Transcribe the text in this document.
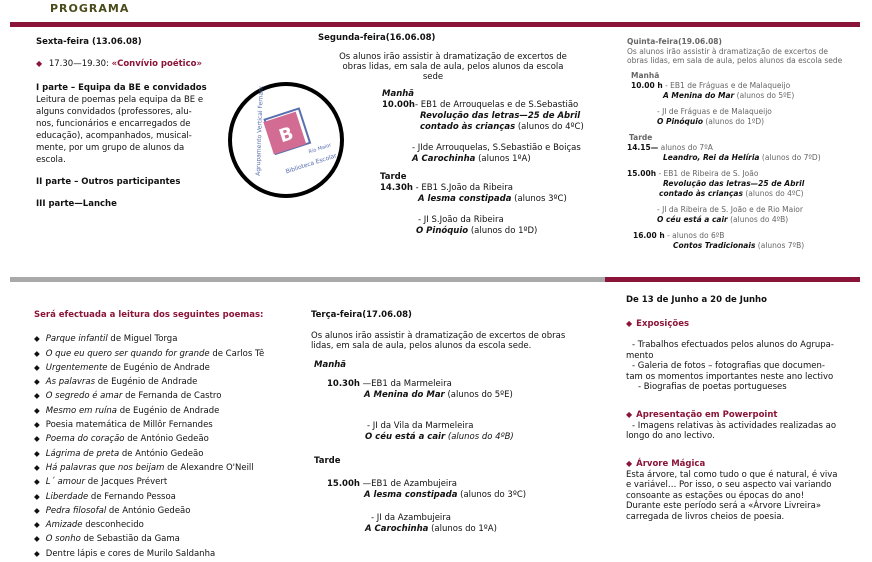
PROGRAMA
Sexta-feira (13.06.08)
◆ 17.30—19.30: «Convívio poético»
I parte – Equipa da BE e convidados
Leitura de poemas pela equipa da BE e
alguns convidados (professores, alu-
nos, funcionários e encarregados de
educação), acompanhados, musical-
mente, por um grupo de alunos da
escola.
II parte – Outros participantes
III parte—Lanche
B
Agrupamento Vertical Fernando C. Tavares	Rio Maior
Biblioteca Escolar
Segunda-feira(16.06.08)
Os alunos irão assistir à dramatização de excertos de
obras lidas, em sala de aula, pelos alunos da escola
sede
Manhã
10.00h- EB1 de Arrouquelas e de S.Sebastião
Revolução das letras—25 de Abril
contado às crianças (alunos do 4ºC)
- JIde Arrouquelas, S.Sebastião e Boiças
A Carochinha (alunos 1ºA)
Tarde
14.30h - EB1 S.João da Ribeira
A lesma constipada (alunos 3ºC)
- JI S.João da Ribeira
O Pinóquio (alunos do 1ºD)
Quinta-feira(19.06.08)
Os alunos irão assistir à dramatização de excertos de
obras lidas, em sala de aula, pelos alunos da escola sede
Manhã
10.00 h - EB1 de Fráguas e de Malaqueijo
A Menina do Mar (alunos do 5ºE)
- JI de Fráguas e de Malaqueijo
O Pinóquio (alunos do 1ºD)
Tarde
14.15— alunos do 7ºA
Leandro, Rei da Helíria (alunos do 7ºD)
15.00h - EB1 de Ribeira de S. João
Revolução das letras—25 de Abril
contado às crianças (alunos do 4ºC)
- JI da Ribeira de S. João e de Rio Maior
O céu está a cair (alunos do 4ºB)
16.00 h - alunos do 6ºB
Contos Tradicionais (alunos 7ºB)
Será efectuada a leitura dos seguintes poemas:
◆ Parque infantil de Miguel Torga
◆ O que eu quero ser quando for grande de Carlos Tê
◆ Urgentemente de Eugénio de Andrade
◆ As palavras de Eugénio de Andrade
◆ O segredo é amar de Fernanda de Castro
◆ Mesmo em ruína de Eugénio de Andrade
◆ Poesia matemática de Millôr Fernandes
◆ Poema do coração de António Gedeão
◆ Lágrima de preta de António Gedeão
◆ Há palavras que nos beijam de Alexandre O'Neill
◆ L´ amour de Jacques Prévert
◆ Liberdade de Fernando Pessoa
◆ Pedra filosofal de António Gedeão
◆ Amizade desconhecido
◆ O sonho de Sebastião da Gama
◆ Dentre lápis e cores de Murilo Saldanha
Terça-feira(17.06.08)
Os alunos irão assistir à dramatização de excertos de obras
lidas, em sala de aula, pelos alunos da escola sede.
Manhã
10.30h —EB1 da Marmeleira
A Menina do Mar (alunos do 5ºE)
- JI da Vila da Marmeleira
O céu está a cair (alunos do 4ºB)
Tarde
15.00h —EB1 de Azambujeira
A lesma constipada (alunos do 3ºC)
- JI da Azambujeira
A Carochinha (alunos do 1ºA)
De 13 de Junho a 20 de Junho
◆ Exposições
- Trabalhos efectuados pelos alunos do Agrupa-
mento
- Galeria de fotos – fotografias que documen-
tam os momentos importantes neste ano lectivo
- Biografias de poetas portugueses
◆ Apresentação em Powerpoint
- Imagens relativas às actividades realizadas ao
longo do ano lectivo.
◆ Árvore Mágica
Esta árvore, tal como tudo o que é natural, é viva
e variável… Por isso, o seu aspecto vai variando
consoante as estações ou épocas do ano!
Durante este período será a «Árvore Livreira»
carregada de livros cheios de poesia.
